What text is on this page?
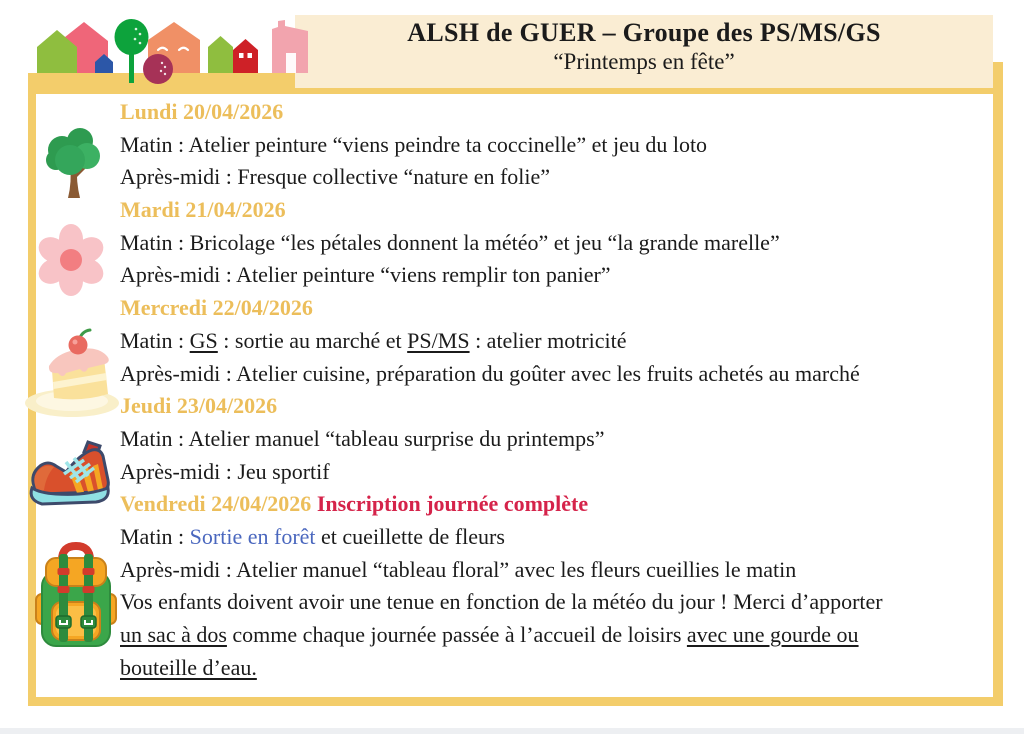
ALSH de GUER – Groupe des PS/MS/GS
“Printemps en fête”
Lundi 20/04/2026
Matin : Atelier peinture “viens peindre ta coccinelle” et jeu du loto
Après-midi : Fresque collective “nature en folie”
Mardi 21/04/2026
Matin : Bricolage “les pétales donnent la météo” et jeu “la grande marelle”
Après-midi : Atelier peinture “viens remplir ton panier”
Mercredi 22/04/2026
Matin : GS : sortie au marché et PS/MS : atelier motricité
Après-midi : Atelier cuisine, préparation du goûter avec les fruits achetés au marché
Jeudi 23/04/2026
Matin : Atelier manuel “tableau surprise du printemps”
Après-midi : Jeu sportif
Vendredi 24/04/2026 Inscription journée complète
Matin : Sortie en forêt et cueillette de fleurs
Après-midi : Atelier manuel “tableau floral” avec les fleurs cueillies le matin
Vos enfants doivent avoir une tenue en fonction de la météo du jour ! Merci d’apporter
un sac à dos comme chaque journée passée à l’accueil de loisirs avec une gourde ou
bouteille d’eau.
